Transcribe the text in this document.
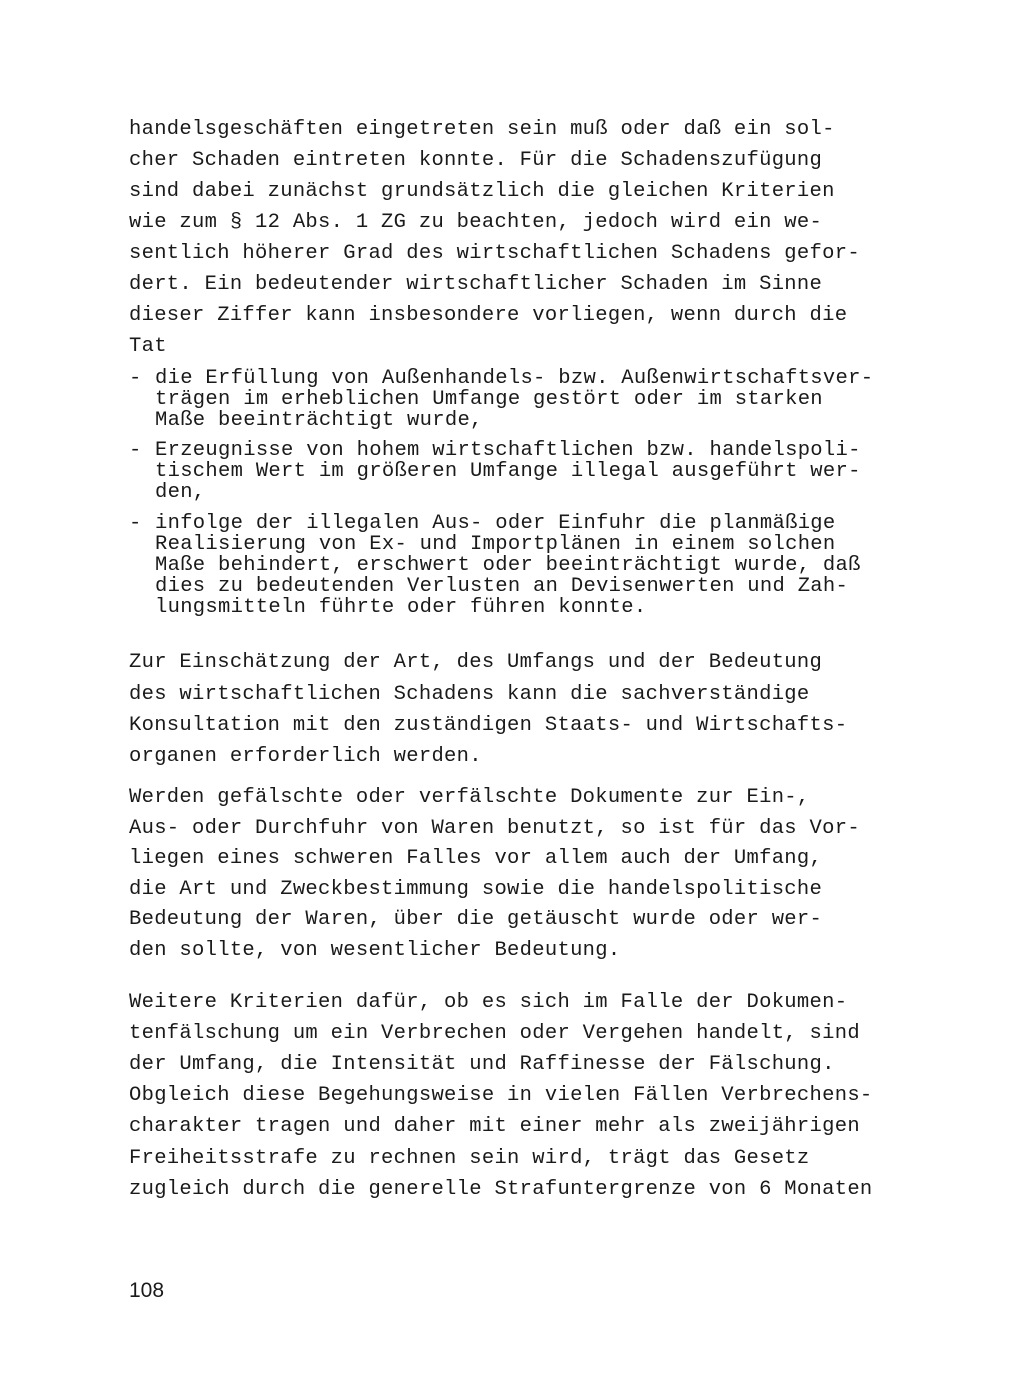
handelsgeschäften eingetreten sein muß oder daß ein sol-
cher Schaden eintreten konnte. Für die Schadenszufügung
sind dabei zunächst grundsätzlich die gleichen Kriterien
wie zum § 12 Abs. 1 ZG zu beachten, jedoch wird ein we-
sentlich höherer Grad des wirtschaftlichen Schadens gefor-
dert. Ein bedeutender wirtschaftlicher Schaden im Sinne
dieser Ziffer kann insbesondere vorliegen, wenn durch die
Tat
- die Erfüllung von Außenhandels- bzw. Außenwirtschaftsver-
trägen im erheblichen Umfange gestört oder im starken
Maße beeinträchtigt wurde,
- Erzeugnisse von hohem wirtschaftlichen bzw. handelspoli-
tischem Wert im größeren Umfange illegal ausgeführt wer-
den,
- infolge der illegalen Aus- oder Einfuhr die planmäßige
Realisierung von Ex- und Importplänen in einem solchen
Maße behindert, erschwert oder beeinträchtigt wurde, daß
dies zu bedeutenden Verlusten an Devisenwerten und Zah-
lungsmitteln führte oder führen konnte.
Zur Einschätzung der Art, des Umfangs und der Bedeutung
des wirtschaftlichen Schadens kann die sachverständige
Konsultation mit den zuständigen Staats- und Wirtschafts-
organen erforderlich werden.
Werden gefälschte oder verfälschte Dokumente zur Ein-,
Aus- oder Durchfuhr von Waren benutzt, so ist für das Vor-
liegen eines schweren Falles vor allem auch der Umfang,
die Art und Zweckbestimmung sowie die handelspolitische
Bedeutung der Waren, über die getäuscht wurde oder wer-
den sollte, von wesentlicher Bedeutung.
Weitere Kriterien dafür, ob es sich im Falle der Dokumen-
tenfälschung um ein Verbrechen oder Vergehen handelt, sind
der Umfang, die Intensität und Raffinesse der Fälschung.
Obgleich diese Begehungsweise in vielen Fällen Verbrechens-
charakter tragen und daher mit einer mehr als zweijährigen
Freiheitsstrafe zu rechnen sein wird, trägt das Gesetz
zugleich durch die generelle Strafuntergrenze von 6 Monaten
108
